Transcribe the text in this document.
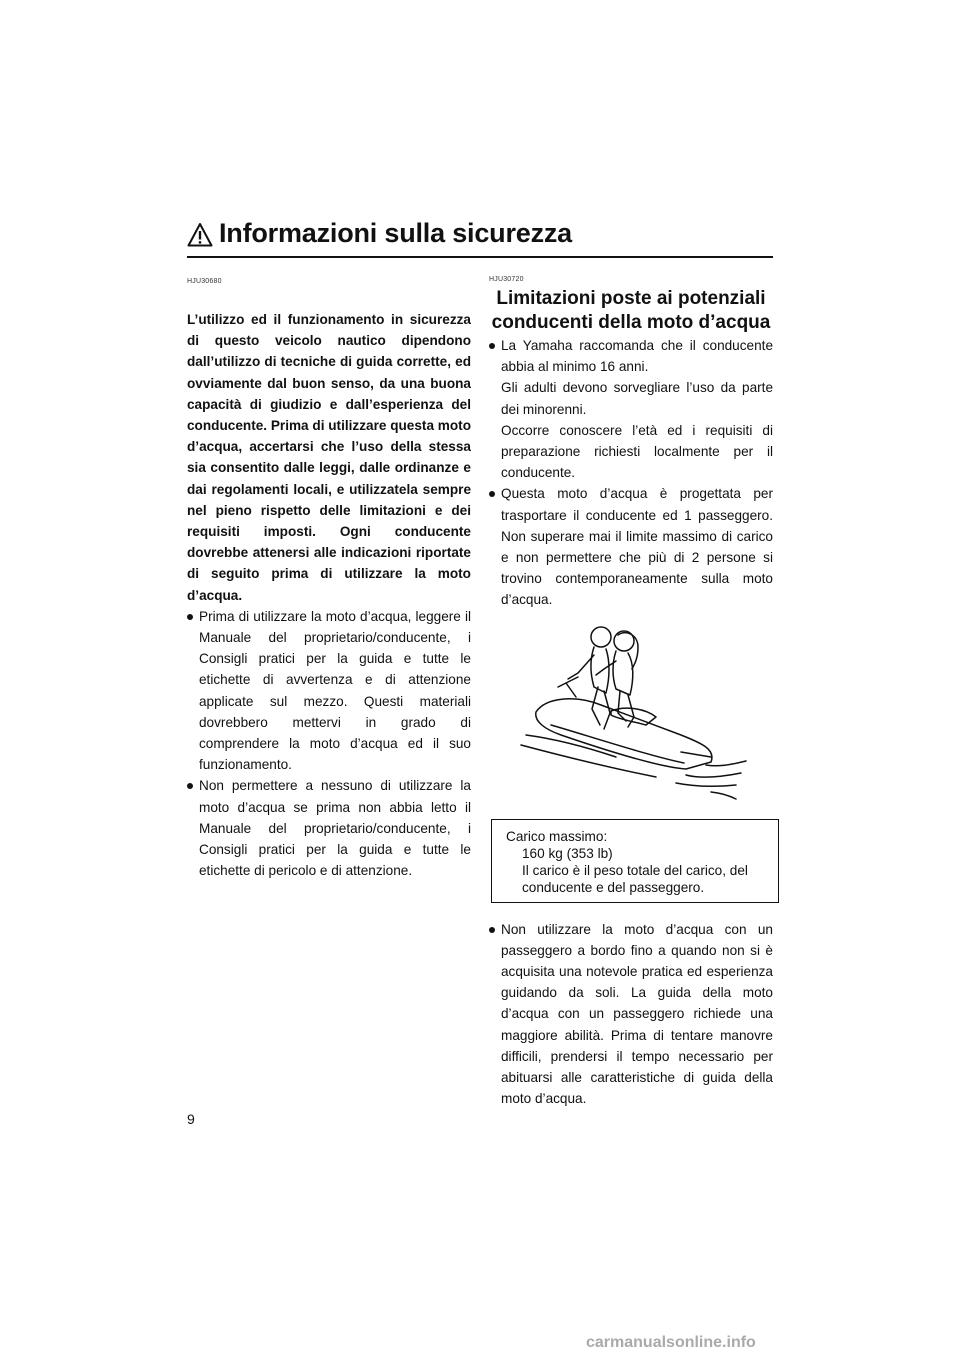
Informazioni sulla sicurezza
HJU30680
L’utilizzo ed il funzionamento in sicurezza di questo veicolo nautico dipendono dall’utilizzo di tecniche di guida corrette, ed ovviamente dal buon senso, da una buona capacità di giudizio e dall’esperienza del conducente. Prima di utilizzare questa moto d’acqua, accertarsi che l’uso della stessa sia consentito dalle leggi, dalle ordinanze e dai regolamenti locali, e utilizzatela sempre nel pieno rispetto delle limitazioni e dei requisiti imposti. Ogni conducente dovrebbe attenersi alle indicazioni riportate di seguito prima di utilizzare la moto d’acqua.

Prima di utilizzare la moto d’acqua, leggere il Manuale del proprietario/conducente, i Consigli pratici per la guida e tutte le etichette di avvertenza e di attenzione applicate sul mezzo. Questi materiali dovrebbero mettervi in grado di comprendere la moto d’acqua ed il suo funzionamento.

Non permettere a nessuno di utilizzare la moto d’acqua se prima non abbia letto il Manuale del proprietario/conducente, i Consigli pratici per la guida e tutte le etichette di pericolo e di attenzione.

HJU30720
Limitazioni poste ai potenziali conducenti della moto d’acqua

La Yamaha raccomanda che il conducente abbia al minimo 16 anni.

Gli adulti devono sorvegliare l’uso da parte dei minorenni.

Occorre conoscere l’età ed i requisiti di preparazione richiesti localmente per il conducente.

Questa moto d’acqua è progettata per trasportare il conducente ed 1 passeggero. Non superare mai il limite massimo di carico e non permettere che più di 2 persone si trovino contemporaneamente sulla moto d’acqua.

Carico massimo:
160 kg (353 lb)
Il carico è il peso totale del carico, del conducente e del passeggero.

Non utilizzare la moto d’acqua con un passeggero a bordo fino a quando non si è acquisita una notevole pratica ed esperienza guidando da soli. La guida della moto d’acqua con un passeggero richiede una maggiore abilità. Prima di tentare manovre difficili, prendersi il tempo necessario per abituarsi alle caratteristiche di guida della moto d’acqua.

9
carmanualsonline.info
